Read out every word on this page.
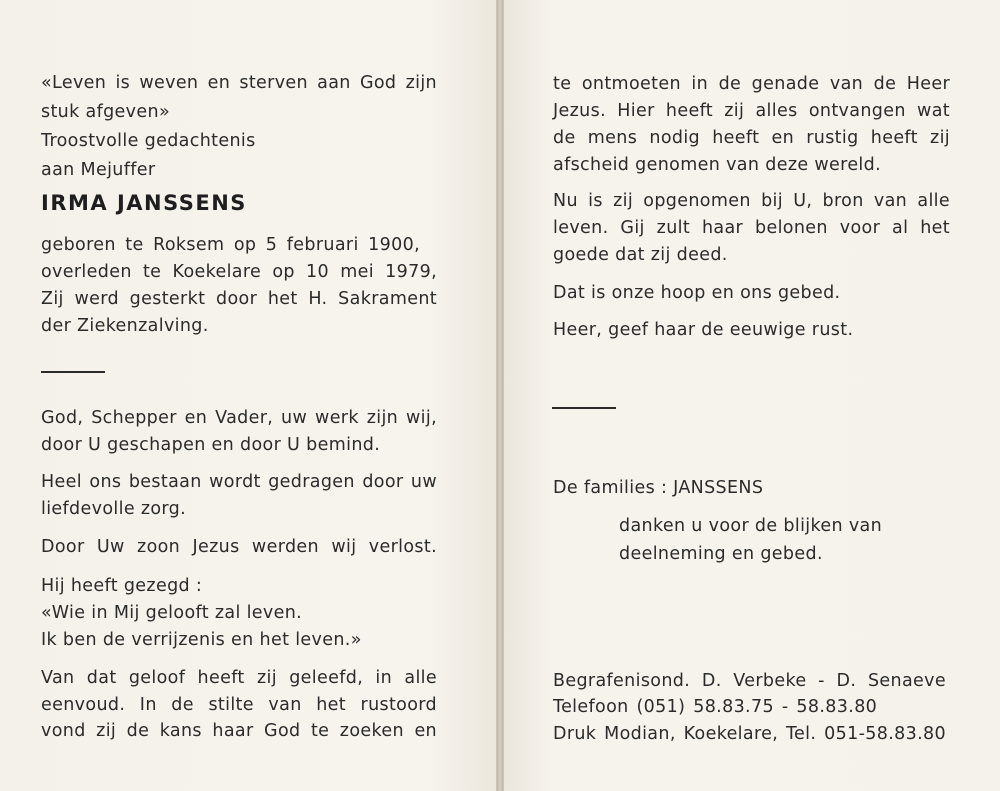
«Leven is weven en sterven aan God zijn
stuk afgeven»
Troostvolle gedachtenis
aan Mejuffer
IRMA JANSSENS
geboren te Roksem op 5 februari 1900,
overleden te Koekelare op 10 mei 1979,
Zij werd gesterkt door het H. Sakrament
der Ziekenzalving.
God, Schepper en Vader, uw werk zijn wij,
door U geschapen en door U bemind.
Heel ons bestaan wordt gedragen door uw
liefdevolle zorg.
Door Uw zoon Jezus werden wij verlost.
Hij heeft gezegd :
«Wie in Mij gelooft zal leven.
Ik ben de verrijzenis en het leven.»
Van dat geloof heeft zij geleefd, in alle
eenvoud. In de stilte van het rustoord
vond zij de kans haar God te zoeken en
te ontmoeten in de genade van de Heer
Jezus. Hier heeft zij alles ontvangen wat
de mens nodig heeft en rustig heeft zij
afscheid genomen van deze wereld.
Nu is zij opgenomen bij U, bron van alle
leven. Gij zult haar belonen voor al het
goede dat zij deed.
Dat is onze hoop en ons gebed.
Heer, geef haar de eeuwige rust.
De families : JANSSENS
danken u voor de blijken van
deelneming en gebed.
Begrafenisond. D. Verbeke - D. Senaeve
Telefoon (051) 58.83.75 - 58.83.80
Druk Modian, Koekelare, Tel. 051-58.83.80
